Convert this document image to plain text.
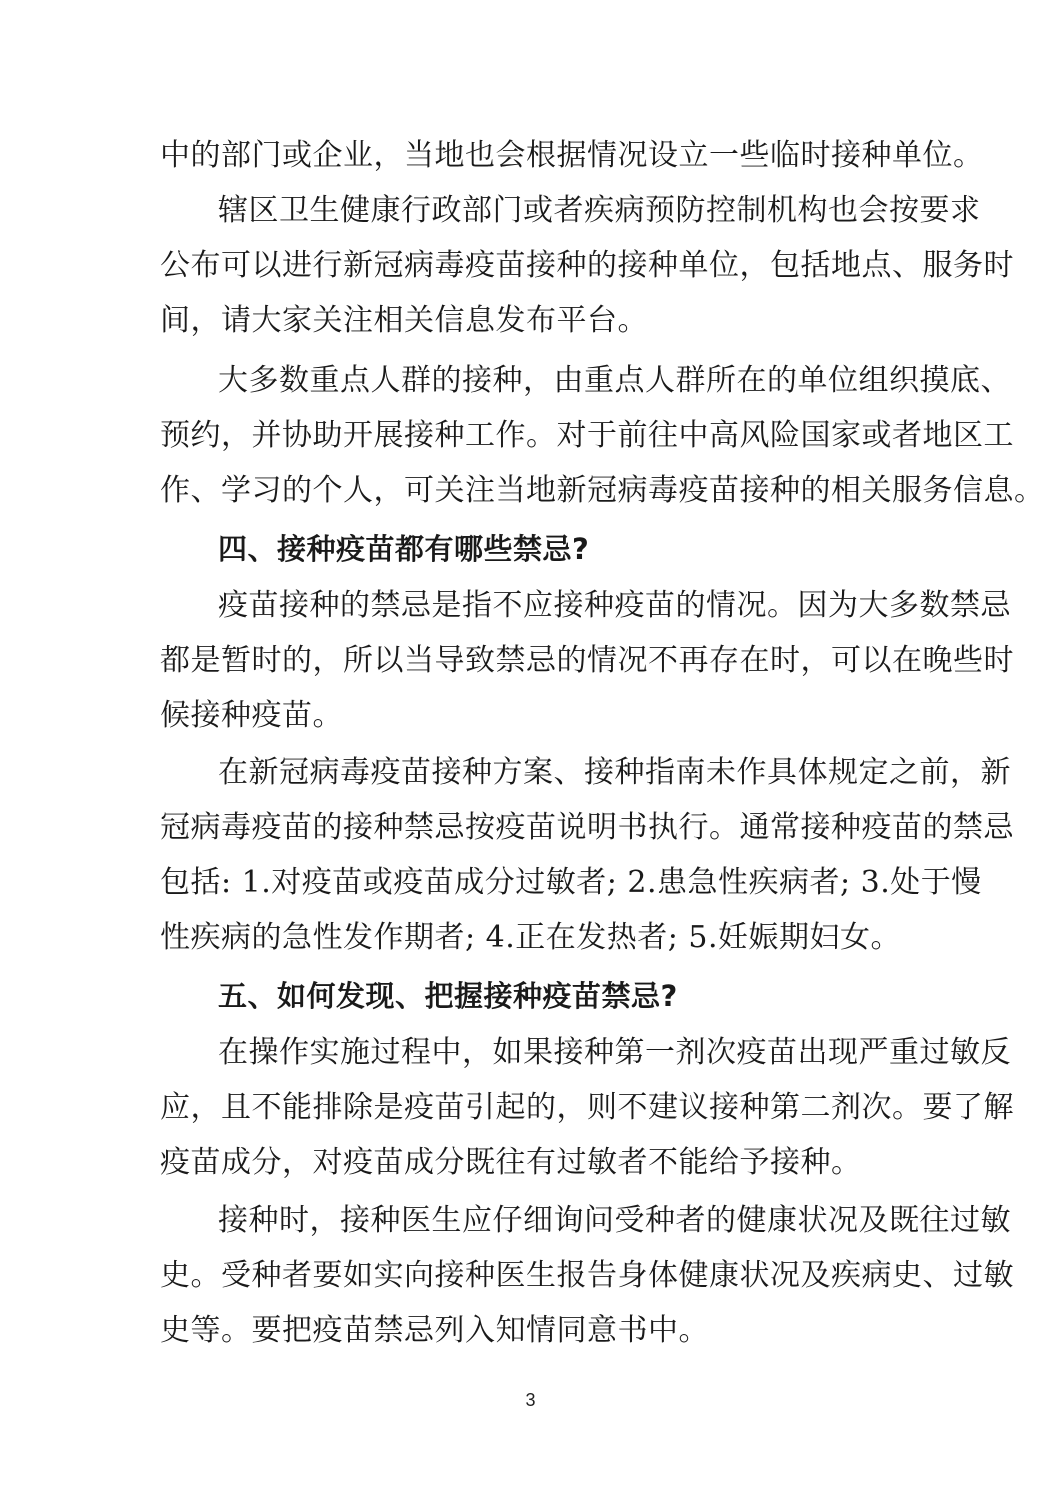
中的部门或企业，当地也会根据情况设立一些临时接种单位。
辖区卫生健康行政部门或者疾病预防控制机构也会按要求
公布可以进行新冠病毒疫苗接种的接种单位，包括地点、服务时
间，请大家关注相关信息发布平台。
大多数重点人群的接种，由重点人群所在的单位组织摸底、
预约，并协助开展接种工作。对于前往中高风险国家或者地区工
作、学习的个人，可关注当地新冠病毒疫苗接种的相关服务信息。
四、接种疫苗都有哪些禁忌?
疫苗接种的禁忌是指不应接种疫苗的情况。因为大多数禁忌
都是暂时的，所以当导致禁忌的情况不再存在时，可以在晚些时
候接种疫苗。
在新冠病毒疫苗接种方案、接种指南未作具体规定之前，新
冠病毒疫苗的接种禁忌按疫苗说明书执行。通常接种疫苗的禁忌
包括: 1.对疫苗或疫苗成分过敏者; 2.患急性疾病者; 3.处于慢
性疾病的急性发作期者; 4.正在发热者; 5.妊娠期妇女。
五、如何发现、把握接种疫苗禁忌?
在操作实施过程中，如果接种第一剂次疫苗出现严重过敏反
应，且不能排除是疫苗引起的，则不建议接种第二剂次。要了解
疫苗成分，对疫苗成分既往有过敏者不能给予接种。
接种时，接种医生应仔细询问受种者的健康状况及既往过敏
史。受种者要如实向接种医生报告身体健康状况及疾病史、过敏
史等。要把疫苗禁忌列入知情同意书中。
3
